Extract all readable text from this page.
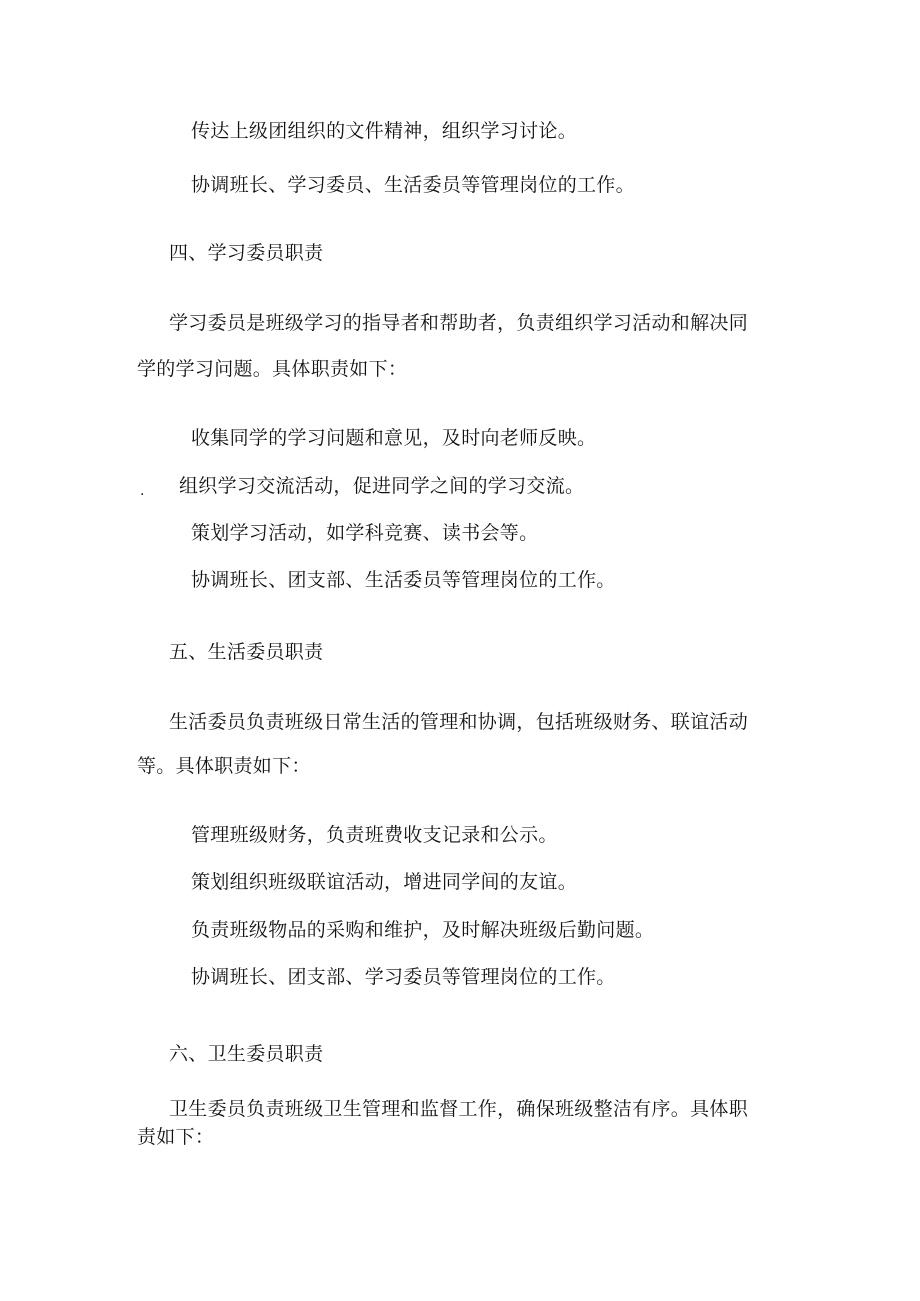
传达上级团组织的文件精神，组织学习讨论。
协调班长、学习委员、生活委员等管理岗位的工作。
四、学习委员职责
学习委员是班级学习的指导者和帮助者，负责组织学习活动和解决同
学的学习问题。具体职责如下：
收集同学的学习问题和意见，及时向老师反映。
. 组织学习交流活动，促进同学之间的学习交流。
策划学习活动，如学科竞赛、读书会等。
协调班长、团支部、生活委员等管理岗位的工作。
五、生活委员职责
生活委员负责班级日常生活的管理和协调，包括班级财务、联谊活动
等。具体职责如下：
管理班级财务，负责班费收支记录和公示。
策划组织班级联谊活动，增进同学间的友谊。
负责班级物品的采购和维护，及时解决班级后勤问题。
协调班长、团支部、学习委员等管理岗位的工作。
六、卫生委员职责
卫生委员负责班级卫生管理和监督工作，确保班级整洁有序。具体职
责如下：
